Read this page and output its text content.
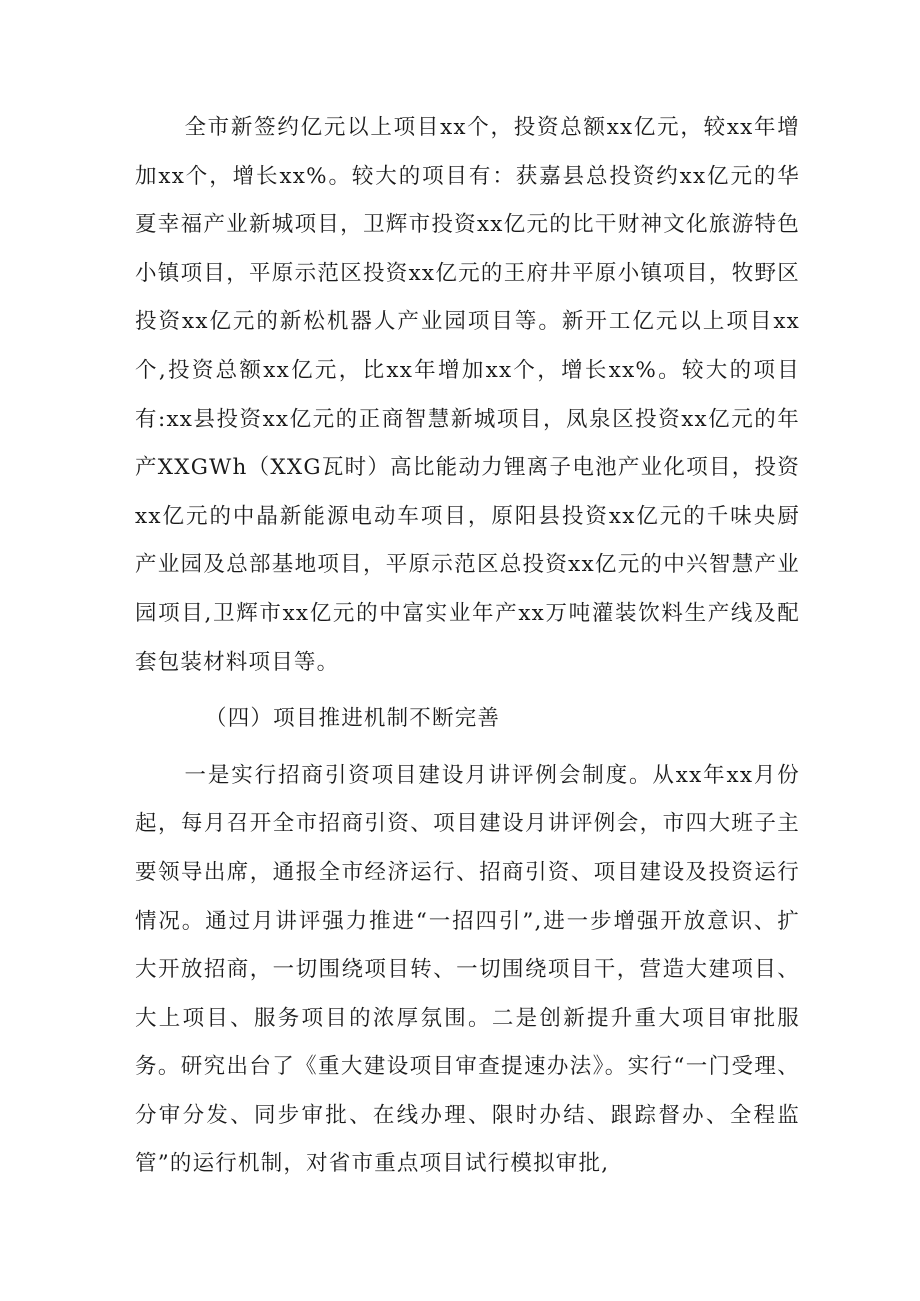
全市新签约亿元以上项目xx个，投资总额xx亿元，较xx年增加xx个，增长xx%。较大的项目有：获嘉县总投资约xx亿元的华夏幸福产业新城项目，卫辉市投资xx亿元的比干财神文化旅游特色小镇项目，平原示范区投资xx亿元的王府井平原小镇项目，牧野区投资xx亿元的新松机器人产业园项目等。新开工亿元以上项目xx个,投资总额xx亿元，比xx年增加xx个，增长xx%。较大的项目有:xx县投资xx亿元的正商智慧新城项目，凤泉区投资xx亿元的年产XXGWh（XXG瓦时）高比能动力锂离子电池产业化项目，投资xx亿元的中晶新能源电动车项目，原阳县投资xx亿元的千味央厨产业园及总部基地项目，平原示范区总投资xx亿元的中兴智慧产业园项目,卫辉市xx亿元的中富实业年产xx万吨灌装饮料生产线及配套包装材料项目等。

（四）项目推进机制不断完善

一是实行招商引资项目建设月讲评例会制度。从xx年xx月份起，每月召开全市招商引资、项目建设月讲评例会，市四大班子主要领导出席，通报全市经济运行、招商引资、项目建设及投资运行情况。通过月讲评强力推进“一招四引”,进一步增强开放意识、扩大开放招商，一切围绕项目转、一切围绕项目干，营造大建项目、大上项目、服务项目的浓厚氛围。二是创新提升重大项目审批服务。研究出台了《重大建设项目审查提速办法》。实行“一门受理、分审分发、同步审批、在线办理、限时办结、跟踪督办、全程监管”的运行机制，对省市重点项目试行模拟审批,
